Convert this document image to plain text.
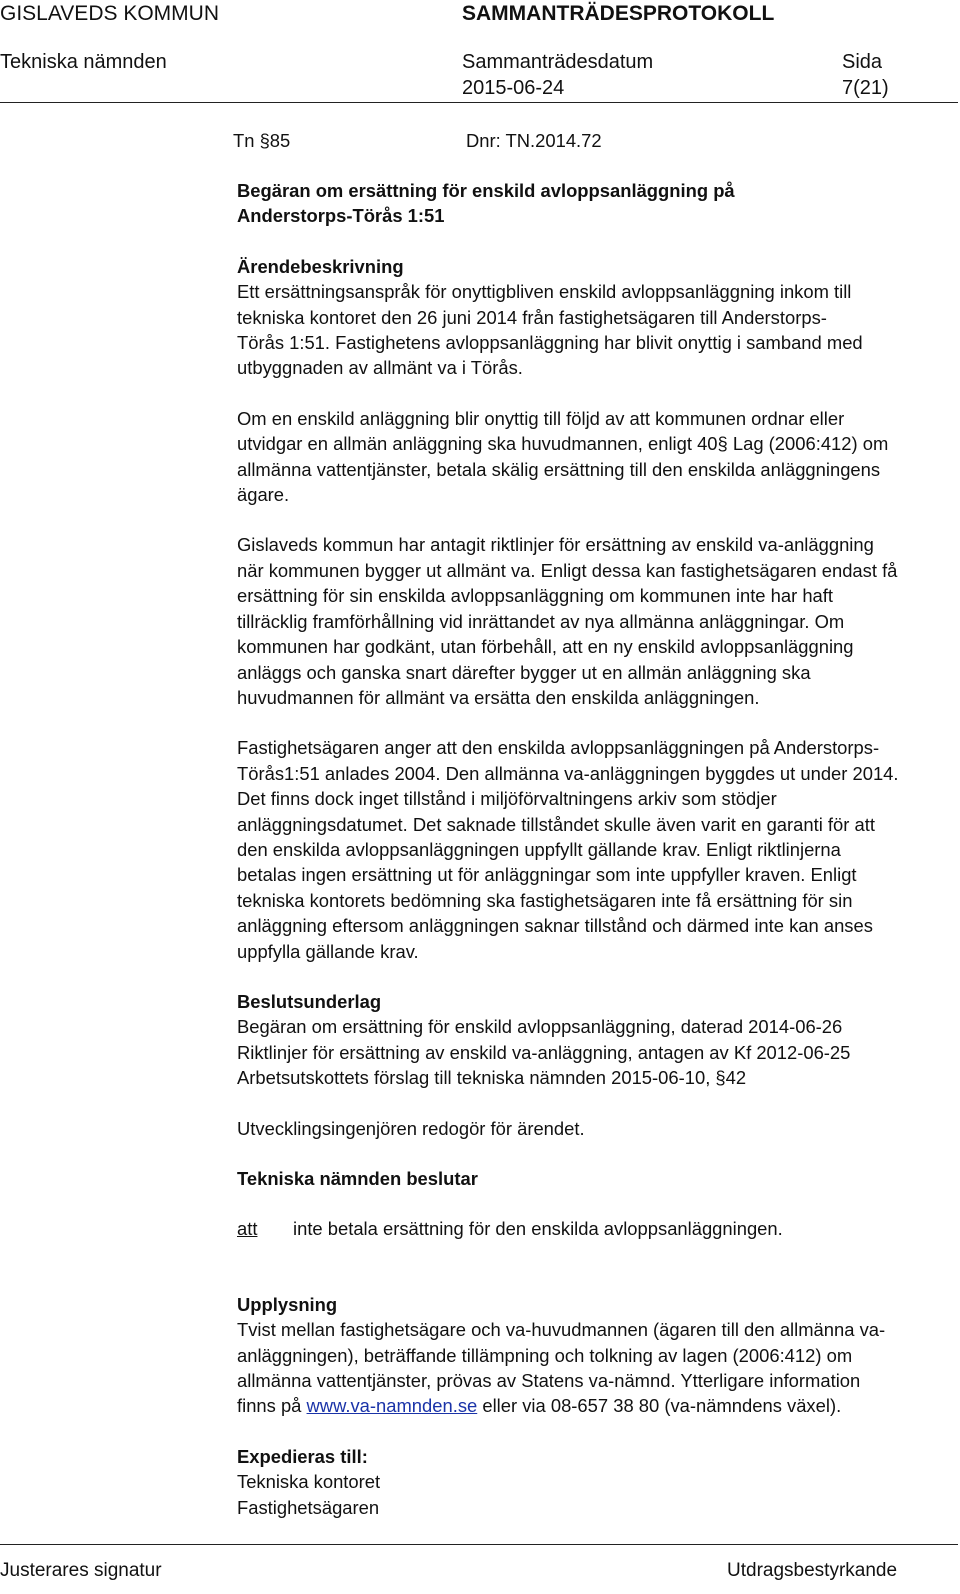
GISLAVEDS KOMMUN	SAMMANTRÄDESPROTOKOLL
Tekniska nämnden	Sammanträdesdatum
2015-06-24
Sida
7(21)
Tn §85	Dnr: TN.2014.72
Begäran om ersättning för enskild avloppsanläggning på
Anderstorps-Törås 1:51
Ärendebeskrivning
Ett ersättningsanspråk för onyttigbliven enskild avloppsanläggning inkom till
tekniska kontoret den 26 juni 2014 från fastighetsägaren till Anderstorps-
Törås 1:51. Fastighetens avloppsanläggning har blivit onyttig i samband med
utbyggnaden av allmänt va i Törås.
Om en enskild anläggning blir onyttig till följd av att kommunen ordnar eller
utvidgar en allmän anläggning ska huvudmannen, enligt 40§ Lag (2006:412) om
allmänna vattentjänster, betala skälig ersättning till den enskilda anläggningens
ägare.
Gislaveds kommun har antagit riktlinjer för ersättning av enskild va-anläggning
när kommunen bygger ut allmänt va. Enligt dessa kan fastighetsägaren endast få
ersättning för sin enskilda avloppsanläggning om kommunen inte har haft
tillräcklig framförhållning vid inrättandet av nya allmänna anläggningar. Om
kommunen har godkänt, utan förbehåll, att en ny enskild avloppsanläggning
anläggs och ganska snart därefter bygger ut en allmän anläggning ska
huvudmannen för allmänt va ersätta den enskilda anläggningen.
Fastighetsägaren anger att den enskilda avloppsanläggningen på Anderstorps-
Törås1:51 anlades 2004. Den allmänna va-anläggningen byggdes ut under 2014.
Det finns dock inget tillstånd i miljöförvaltningens arkiv som stödjer
anläggningsdatumet. Det saknade tillståndet skulle även varit en garanti för att
den enskilda avloppsanläggningen uppfyllt gällande krav. Enligt riktlinjerna
betalas ingen ersättning ut för anläggningar som inte uppfyller kraven. Enligt
tekniska kontorets bedömning ska fastighetsägaren inte få ersättning för sin
anläggning eftersom anläggningen saknar tillstånd och därmed inte kan anses
uppfylla gällande krav.
Beslutsunderlag
Begäran om ersättning för enskild avloppsanläggning, daterad 2014-06-26
Riktlinjer för ersättning av enskild va-anläggning, antagen av Kf 2012-06-25
Arbetsutskottets förslag till tekniska nämnden 2015-06-10, §42
Utvecklingsingenjören redogör för ärendet.
Tekniska nämnden beslutar
att inte betala ersättning för den enskilda avloppsanläggningen.
Upplysning
Tvist mellan fastighetsägare och va-huvudmannen (ägaren till den allmänna va-
anläggningen), beträffande tillämpning och tolkning av lagen (2006:412) om
allmänna vattentjänster, prövas av Statens va-nämnd. Ytterligare information
finns på www.va-namnden.se eller via 08-657 38 80 (va-nämndens växel).
Expedieras till:
Tekniska kontoret
Fastighetsägaren
Justerares signatur	Utdragsbestyrkande
